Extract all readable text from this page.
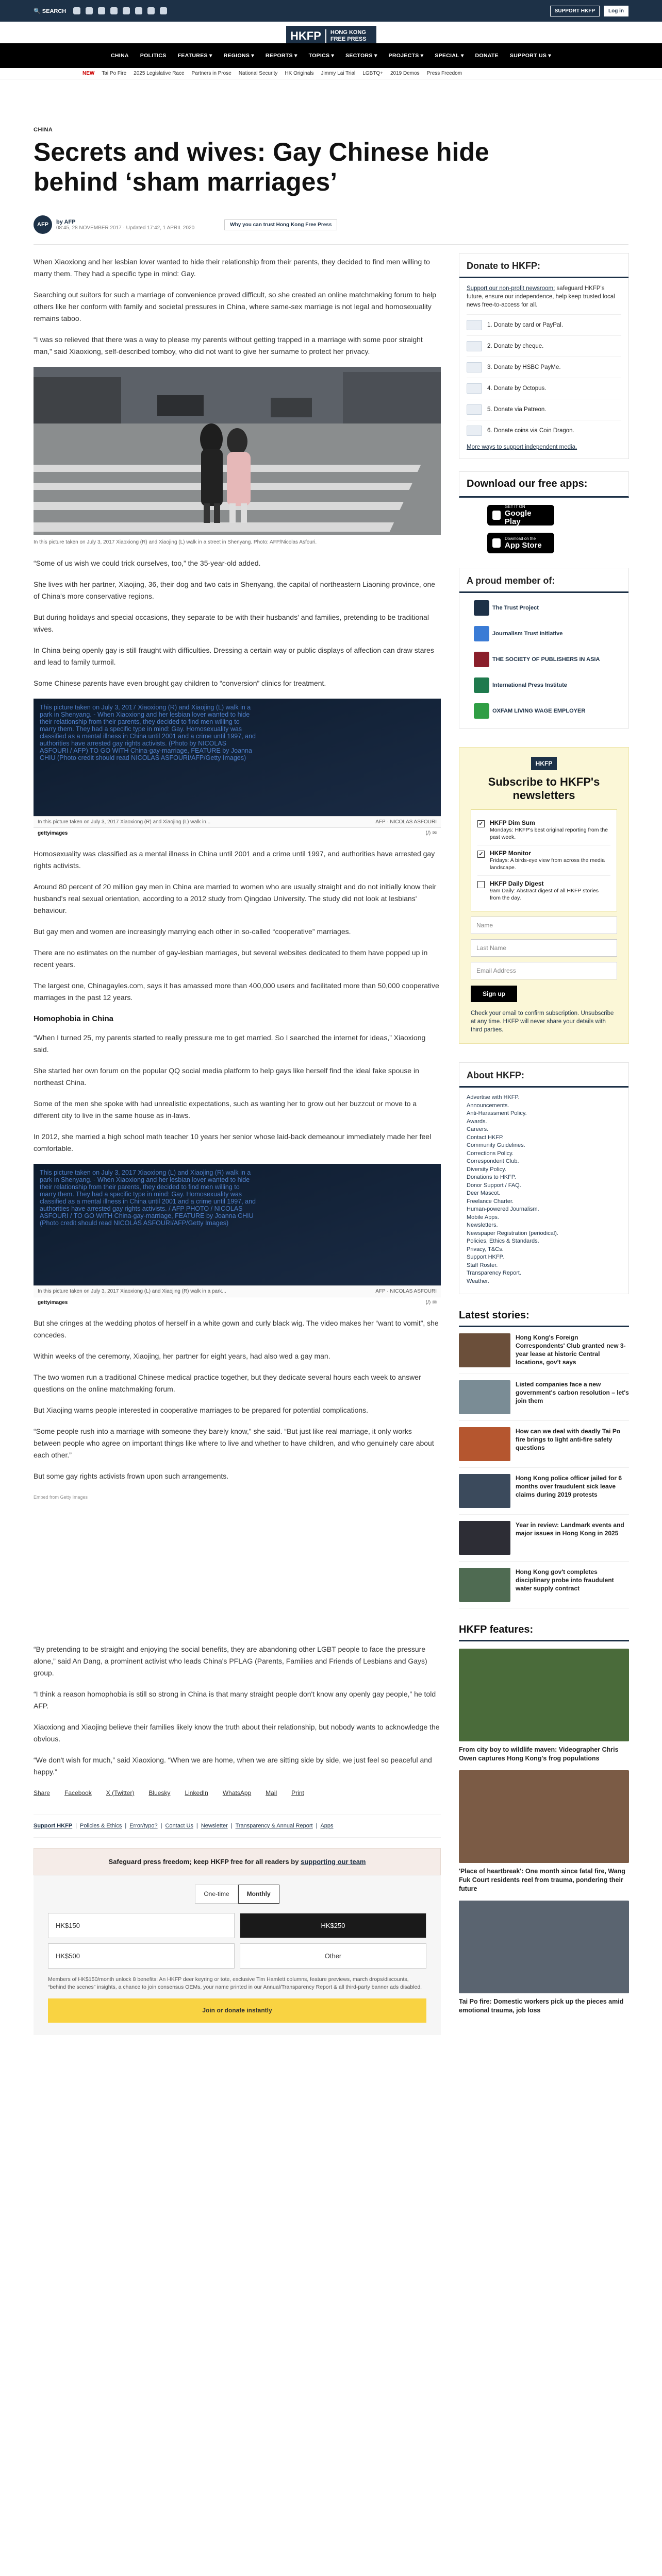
🔍 SEARCH	SUPPORT HKFP	Log in
HKFP	HONG KONG
FREE PRESS
CHINA POLITICS FEATURES ▾ REGIONS ▾ REPORTS ▾ TOPICS ▾ SECTORS ▾ PROJECTS ▾ SPECIAL ▾ DONATE SUPPORT US ▾
NEW Tai Po Fire 2025 Legislative Race Partners in Prose National Security HK Originals Jimmy Lai Trial LGBTQ+ 2019 Demos Press Freedom
CHINA
Secrets and wives: Gay Chinese hide behind ‘sham marriages’
AFP	by AFP
08:45, 28 NOVEMBER 2017 · Updated 17:42, 1 APRIL 2020
Why you can trust Hong Kong Free Press

When Xiaoxiong and her lesbian lover wanted to hide their relationship from their parents, they decided to find men willing to marry them. They had a specific type in mind: Gay.

Searching out suitors for such a marriage of convenience proved difficult, so she created an online matchmaking forum to help others like her conform with family and societal pressures in China, where same-sex marriage is not legal and homosexuality remains taboo.

“I was so relieved that there was a way to please my parents without getting trapped in a marriage with some poor straight man,” said Xiaoxiong, self-described tomboy, who did not want to give her surname to protect her privacy.

In this picture taken on July 3, 2017 Xiaoxiong (R) and Xiaojing (L) walk in a street in Shenyang. Photo: AFP/Nicolas Asfouri.

“Some of us wish we could trick ourselves, too,” the 35-year-old added.

She lives with her partner, Xiaojing, 36, their dog and two cats in Shenyang, the capital of northeastern Liaoning province, one of China's more conservative regions.

But during holidays and special occasions, they separate to be with their husbands' and families, pretending to be traditional wives.

In China being openly gay is still fraught with difficulties. Dressing a certain way or public displays of affection can draw stares and lead to family turmoil.

Some Chinese parents have even brought gay children to “conversion” clinics for treatment.

This picture taken on July 3, 2017 Xiaoxiong (R) and Xiaojing (L) walk in a park in Shenyang. - When Xiaoxiong and her lesbian lover wanted to hide their relationship from their parents, they decided to find men willing to marry them. They had a specific type in mind: Gay. Homosexuality was classified as a mental illness in China until 2001 and a crime until 1997, and authorities have arrested gay rights activists. (Photo by NICOLAS ASFOURI / AFP) TO GO WITH China-gay-marriage, FEATURE by Joanna CHIU (Photo credit should read NICOLAS ASFOURI/AFP/Getty Images)
In this picture taken on July 3, 2017 Xiaoxiong (R) and Xiaojing (L) walk in...	AFP · NICOLAS ASFOURI
gettyimages	⟨/⟩ ✉

Homosexuality was classified as a mental illness in China until 2001 and a crime until 1997, and authorities have arrested gay rights activists.

Around 80 percent of 20 million gay men in China are married to women who are usually straight and do not initially know their husband's real sexual orientation, according to a 2012 study from Qingdao University. The study did not look at lesbians' behaviour.

But gay men and women are increasingly marrying each other in so-called “cooperative” marriages.

There are no estimates on the number of gay-lesbian marriages, but several websites dedicated to them have popped up in recent years.

The largest one, Chinagayles.com, says it has amassed more than 400,000 users and facilitated more than 50,000 cooperative marriages in the past 12 years.

Homophobia in China

“When I turned 25, my parents started to really pressure me to get married. So I searched the internet for ideas,” Xiaoxiong said.

She started her own forum on the popular QQ social media platform to help gays like herself find the ideal fake spouse in northeast China.

Some of the men she spoke with had unrealistic expectations, such as wanting her to grow out her buzzcut or move to a different city to live in the same house as in-laws.

In 2012, she married a high school math teacher 10 years her senior whose laid-back demeanour immediately made her feel comfortable.

This picture taken on July 3, 2017 Xiaoxiong (L) and Xiaojing (R) walk in a park in Shenyang. - When Xiaoxiong and her lesbian lover wanted to hide their relationship from their parents, they decided to find men willing to marry them. They had a specific type in mind: Gay. Homosexuality was classified as a mental illness in China until 2001 and a crime until 1997, and authorities have arrested gay rights activists. / AFP PHOTO / NICOLAS ASFOURI / TO GO WITH China-gay-marriage, FEATURE by Joanna CHIU (Photo credit should read NICOLAS ASFOURI/AFP/Getty Images)
In this picture taken on July 3, 2017 Xiaoxiong (L) and Xiaojing (R) walk in a park...	AFP · NICOLAS ASFOURI
gettyimages	⟨/⟩ ✉

But she cringes at the wedding photos of herself in a white gown and curly black wig. The video makes her “want to vomit”, she concedes.

Within weeks of the ceremony, Xiaojing, her partner for eight years, had also wed a gay man.

The two women run a traditional Chinese medical practice together, but they dedicate several hours each week to answer questions on the online matchmaking forum.

But Xiaojing warns people interested in cooperative marriages to be prepared for potential complications.

“Some people rush into a marriage with someone they barely know,” she said. “But just like real marriage, it only works between people who agree on important things like where to live and whether to have children, and who genuinely care about each other.”

But some gay rights activists frown upon such arrangements.

Embed from Getty Images

“By pretending to be straight and enjoying the social benefits, they are abandoning other LGBT people to face the pressure alone,” said An Dang, a prominent activist who leads China's PFLAG (Parents, Families and Friends of Lesbians and Gays) group.

“I think a reason homophobia is still so strong in China is that many straight people don't know any openly gay people,” he told AFP.

Xiaoxiong and Xiaojing believe their families likely know the truth about their relationship, but nobody wants to acknowledge the obvious.

“We don't wish for much,” said Xiaoxiong. “When we are home, when we are sitting side by side, we just feel so peaceful and happy.”

Share Facebook X (Twitter) Bluesky LinkedIn WhatsApp Mail Print
Support HKFP | Policies & Ethics | Error/typo? | Contact Us | Newsletter | Transparency & Annual Report | Apps
Safeguard press freedom; keep HKFP free for all readers by supporting our team
One-time	Monthly
HK$150	HK$250
HK$500	Other
Members of HK$150/month unlock 8 benefits: An HKFP deer keyring or tote, exclusive Tim Hamlett columns, feature previews, march drops/discounts, “behind the scenes” insights, a chance to join consensus OEMs, your name printed in our Annual/Transparency Report & all third-party banner ads disabled.
Join or donate instantly
Donate to HKFP:
Support our non-profit newsroom: safeguard HKFP's future, ensure our independence, help keep trusted local news free-to-access for all.
1. Donate by card or PayPal.
2. Donate by cheque.
3. Donate by HSBC PayMe.
4. Donate by Octopus.
5. Donate via Patreon.
6. Donate coins via Coin Dragon.
More ways to support independent media.
Download our free apps:
GET IT ON
Google Play
Download on the
App Store
A proud member of:
The Trust Project
Journalism Trust Initiative
THE SOCIETY OF PUBLISHERS IN ASIA
International Press Institute
OXFAM LIVING WAGE EMPLOYER
HKFP
Subscribe to HKFP's newsletters
✓ HKFP Dim Sum
Mondays: HKFP's best original reporting from the past week.
✓ HKFP Monitor
Fridays: A birds-eye view from across the media landscape.
HKFP Daily Digest
9am Daily: Abstract digest of all HKFP stories from the day.
Name
Last Name
Email Address
Sign up
Check your email to confirm subscription. Unsubscribe at any time. HKFP will never share your details with third parties.
About HKFP:
Advertise with HKFP.
Announcements.
Anti-Harassment Policy.
Awards.
Careers.
Contact HKFP.
Community Guidelines.
Corrections Policy.
Correspondent Club.
Diversity Policy.
Donations to HKFP.
Donor Support / FAQ.
Deer Mascot.
Freelance Charter.
Human-powered Journalism.
Mobile Apps.
Newsletters.
Newspaper Registration (periodical).
Policies, Ethics & Standards.
Privacy, T&Cs.
Support HKFP.
Staff Roster.
Transparency Report.
Weather.
Latest stories:
Hong Kong's Foreign Correspondents' Club granted new 3-year lease at historic Central locations, gov't says
Listed companies face a new government's carbon resolution – let's join them
How can we deal with deadly Tai Po fire brings to light anti-fire safety questions
Hong Kong police officer jailed for 6 months over fraudulent sick leave claims during 2019 protests
Year in review: Landmark events and major issues in Hong Kong in 2025
Hong Kong gov't completes disciplinary probe into fraudulent water supply contract
HKFP features:
From city boy to wildlife maven: Videographer Chris Owen captures Hong Kong's frog populations
'Place of heartbreak': One month since fatal fire, Wang Fuk Court residents reel from trauma, pondering their future
Tai Po fire: Domestic workers pick up the pieces amid emotional trauma, job loss
